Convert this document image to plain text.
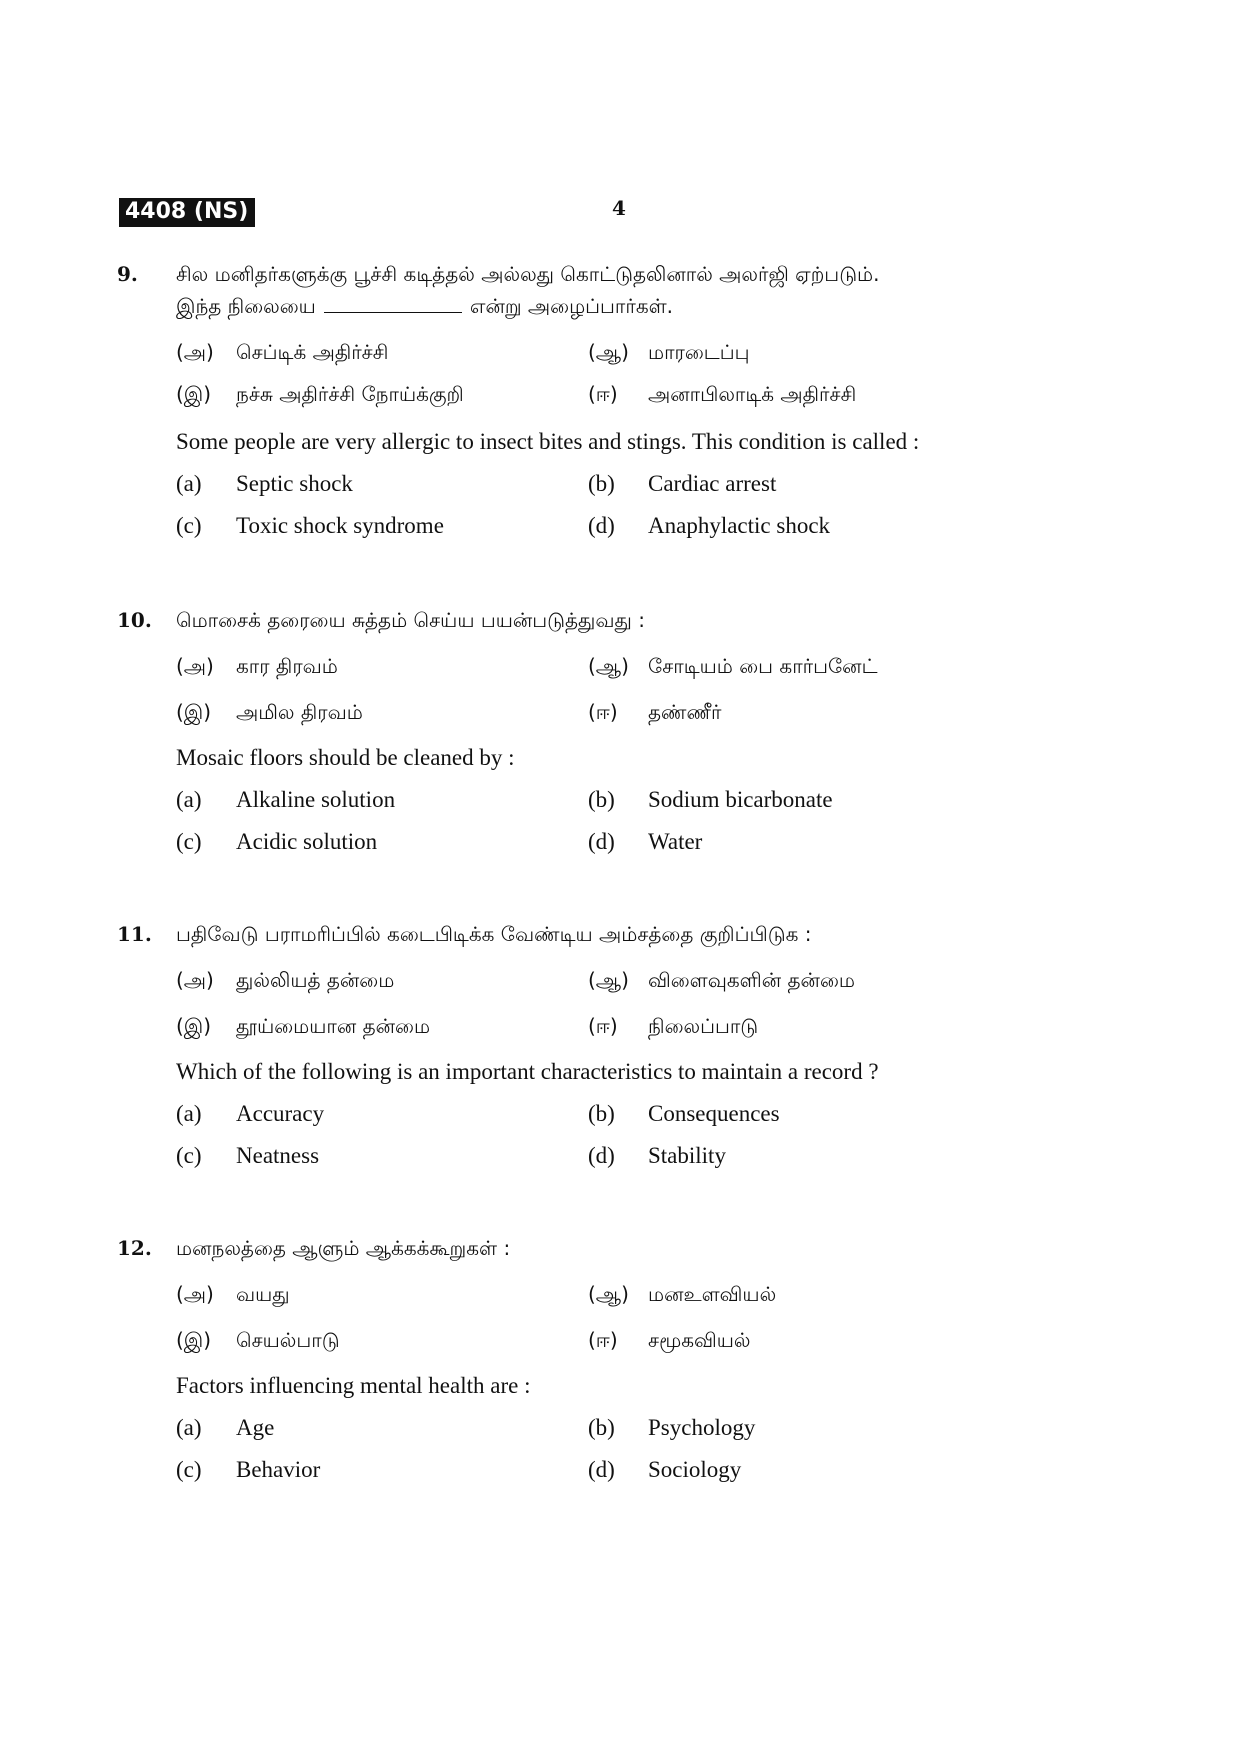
4408 (NS)	4
9. சில மனிதர்களுக்கு பூச்சி கடித்தல் அல்லது கொட்டுதலினால் அலர்ஜி ஏற்படும்.
இந்த நிலையை	என்று அழைப்பார்கள்.
(அ) செப்டிக் அதிர்ச்சி	(ஆ) மாரடைப்பு
(இ) நச்சு அதிர்ச்சி நோய்க்குறி	(ஈ) அனாபிலாடிக் அதிர்ச்சி
Some people are very allergic to insect bites and stings. This condition is called :
(a) Septic shock	(b) Cardiac arrest
(c) Toxic shock syndrome	(d) Anaphylactic shock
10. மொசைக் தரையை சுத்தம் செய்ய பயன்படுத்துவது :
(அ) கார திரவம்	(ஆ) சோடியம் பை கார்பனேட்
(இ) அமில திரவம்	(ஈ) தண்ணீர்
Mosaic floors should be cleaned by :
(a) Alkaline solution	(b) Sodium bicarbonate
(c) Acidic solution	(d) Water
11. பதிவேடு பராமரிப்பில் கடைபிடிக்க வேண்டிய அம்சத்தை குறிப்பிடுக :
(அ) துல்லியத் தன்மை	(ஆ) விளைவுகளின் தன்மை
(இ) தூய்மையான தன்மை	(ஈ) நிலைப்பாடு
Which of the following is an important characteristics to maintain a record ?
(a) Accuracy	(b) Consequences
(c) Neatness	(d) Stability
12. மனநலத்தை ஆளும் ஆக்கக்கூறுகள் :
(அ) வயது	(ஆ) மனஉளவியல்
(இ) செயல்பாடு	(ஈ) சமூகவியல்
Factors influencing mental health are :
(a) Age	(b) Psychology
(c) Behavior	(d) Sociology
